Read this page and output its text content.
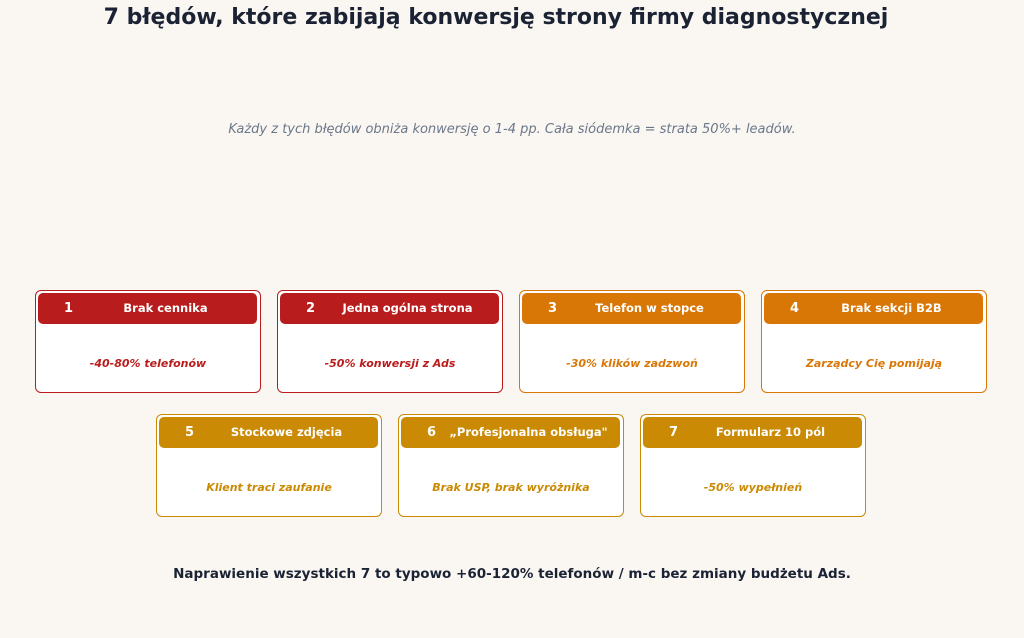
7 błędów, które zabijają konwersję strony firmy diagnostycznej
Każdy z tych błędów obniża konwersję o 1-4 pp. Cała siódemka = strata 50%+ leadów.
1	Brak cennika
-40-80% telefonów
2	Jedna ogólna strona
-50% konwersji z Ads
3	Telefon w stopce
-30% klików zadzwoń
4	Brak sekcji B2B
Zarządcy Cię pomijają
5	Stockowe zdjęcia
Klient traci zaufanie
6	„Profesjonalna obsługa"
Brak USP, brak wyróżnika
7	Formularz 10 pól
-50% wypełnień
Naprawienie wszystkich 7 to typowo +60-120% telefonów / m-c bez zmiany budżetu Ads.
